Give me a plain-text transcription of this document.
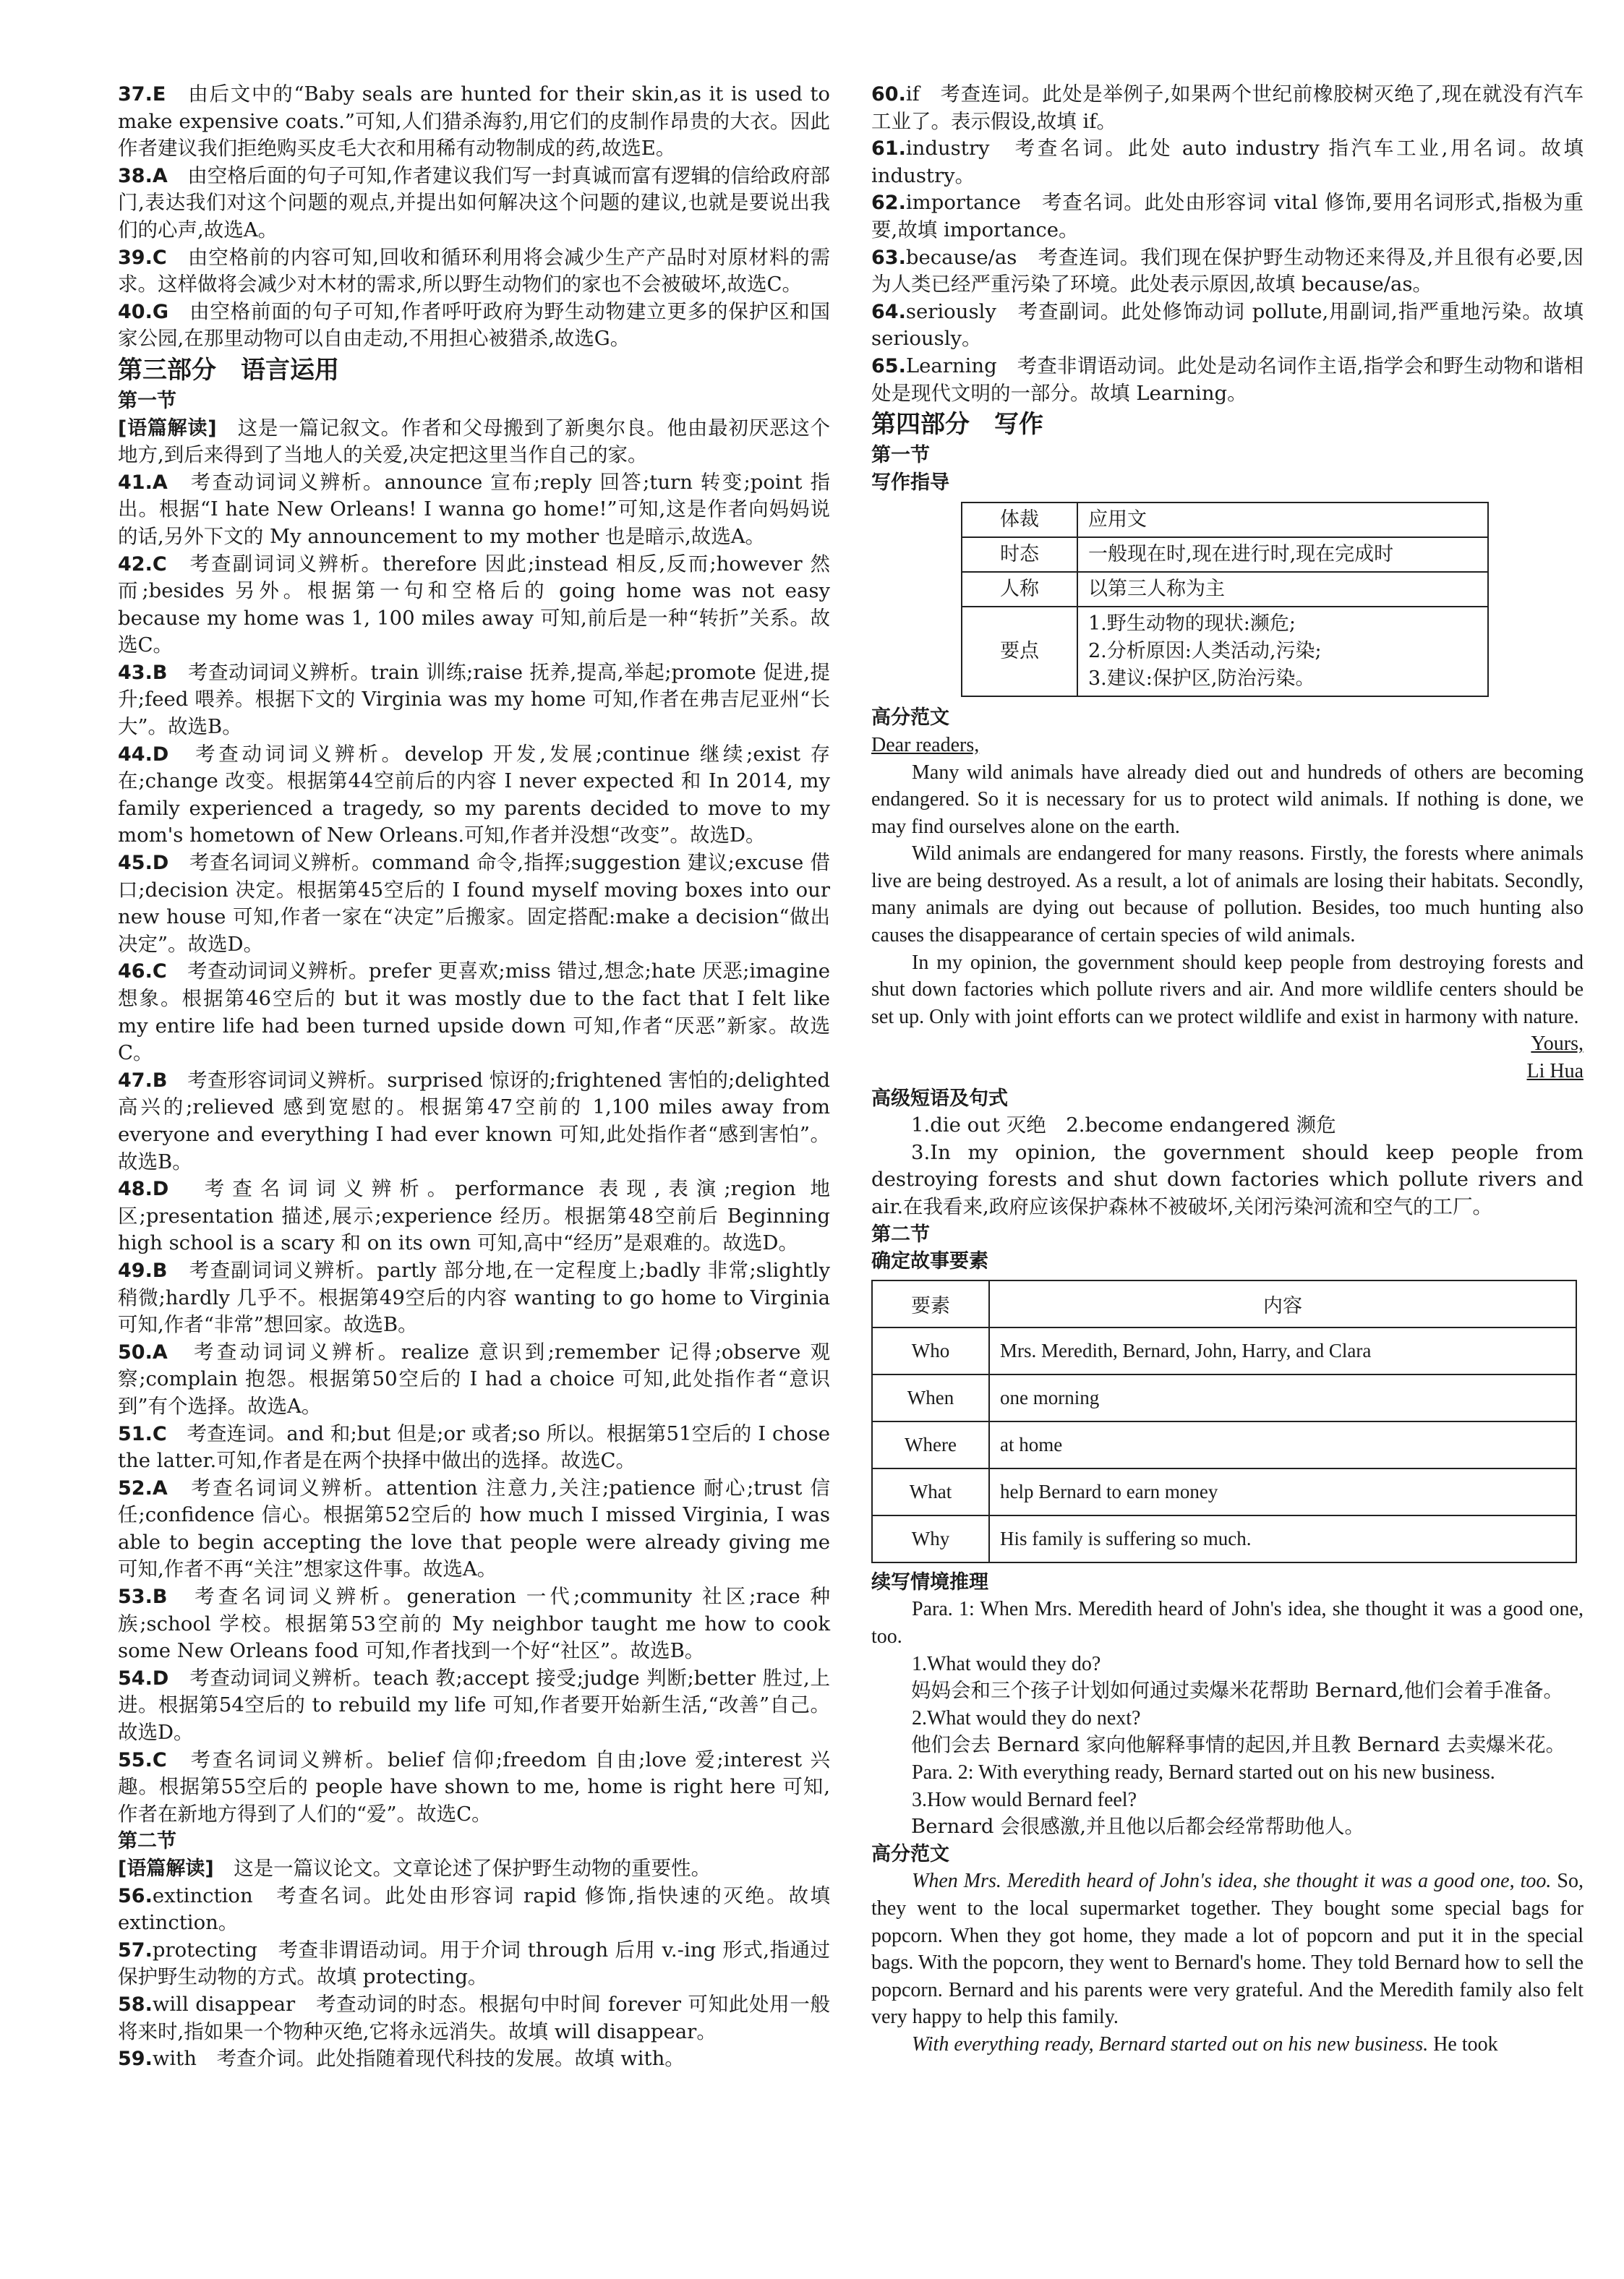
37.E　 由后文中的“Baby seals are hunted for their skin,as it is used to make expensive coats.”可知,人们猎杀海豹,用它们的皮制作昂贵的大衣。因此作者建议我们拒绝购买皮毛大衣和用稀有动物制成的药,故选E。

38.A　 由空格后面的句子可知,作者建议我们写一封真诚而富有逻辑的信给政府部门,表达我们对这个问题的观点,并提出如何解决这个问题的建议,也就是要说出我们的心声,故选A。

39.C　 由空格前的内容可知,回收和循环利用将会减少生产产品时对原材料的需求。这样做将会减少对木材的需求,所以野生动物们的家也不会被破坏,故选C。

40.G　 由空格前面的句子可知,作者呼吁政府为野生动物建立更多的保护区和国家公园,在那里动物可以自由走动,不用担心被猎杀,故选G。

第三部分　语言运用

第一节

[语篇解读]　 这是一篇记叙文。作者和父母搬到了新奥尔良。他由最初厌恶这个地方,到后来得到了当地人的关爱,决定把这里当作自己的家。

41.A　 考查动词词义辨析。announce 宣布;reply 回答;turn 转变;point 指出。根据“I hate New Orleans! I wanna go home!”可知,这是作者向妈妈说的话,另外下文的 My announcement to my mother 也是暗示,故选A。

42.C　 考查副词词义辨析。therefore 因此;instead 相反,反而;however 然而;besides 另外。根据第一句和空格后的 going home was not easy because my home was 1, 100 miles away 可知,前后是一种“转折”关系。故选C。

43.B　 考查动词词义辨析。train 训练;raise 抚养,提高,举起;promote 促进,提升;feed 喂养。根据下文的 Virginia was my home 可知,作者在弗吉尼亚州“长大”。故选B。

44.D　 考查动词词义辨析。develop 开发,发展;continue 继续;exist 存在;change 改变。根据第44空前后的内容 I never expected 和 In 2014, my family experienced a tragedy, so my parents decided to move to my mom's hometown of New Orleans.可知,作者并没想“改变”。故选D。

45.D　 考查名词词义辨析。command 命令,指挥;suggestion 建议;excuse 借口;decision 决定。根据第45空后的 I found myself moving boxes into our new house 可知,作者一家在“决定”后搬家。固定搭配:make a decision“做出决定”。故选D。

46.C　 考查动词词义辨析。prefer 更喜欢;miss 错过,想念;hate 厌恶;imagine 想象。根据第46空后的 but it was mostly due to the fact that I felt like my entire life had been turned upside down 可知,作者“厌恶”新家。故选C。

47.B　 考查形容词词义辨析。surprised 惊讶的;frightened 害怕的;delighted 高兴的;relieved 感到宽慰的。根据第47空前的 1,100 miles away from everyone and everything I had ever known 可知,此处指作者“感到害怕”。故选B。

48.D　 考查名词词义辨析。performance 表现,表演;region 地区;presentation 描述,展示;experience 经历。根据第48空前后 Beginning high school is a scary 和 on its own 可知,高中“经历”是艰难的。故选D。

49.B　 考查副词词义辨析。partly 部分地,在一定程度上;badly 非常;slightly 稍微;hardly 几乎不。根据第49空后的内容 wanting to go home to Virginia 可知,作者“非常”想回家。故选B。

50.A　 考查动词词义辨析。realize 意识到;remember 记得;observe 观察;complain 抱怨。根据第50空后的 I had a choice 可知,此处指作者“意识到”有个选择。故选A。

51.C　 考查连词。and 和;but 但是;or 或者;so 所以。根据第51空后的 I chose the latter.可知,作者是在两个抉择中做出的选择。故选C。

52.A　 考查名词词义辨析。attention 注意力,关注;patience 耐心;trust 信任;confidence 信心。根据第52空后的 how much I missed Virginia, I was able to begin accepting the love that people were already giving me 可知,作者不再“关注”想家这件事。故选A。

53.B　 考查名词词义辨析。generation 一代;community 社区;race 种族;school 学校。根据第53空前的 My neighbor taught me how to cook some New Orleans food 可知,作者找到一个好“社区”。故选B。

54.D　 考查动词词义辨析。teach 教;accept 接受;judge 判断;better 胜过,上进。根据第54空后的 to rebuild my life 可知,作者要开始新生活,“改善”自己。故选D。

55.C　 考查名词词义辨析。belief 信仰;freedom 自由;love 爱;interest 兴趣。根据第55空后的 people have shown to me, home is right here 可知,作者在新地方得到了人们的“爱”。故选C。

第二节

[语篇解读]　 这是一篇议论文。文章论述了保护野生动物的重要性。

56.extinction　 考查名词。此处由形容词 rapid 修饰,指快速的灭绝。故填 extinction。

57.protecting　 考查非谓语动词。用于介词 through 后用 v.-ing 形式,指通过保护野生动物的方式。故填 protecting。

58.will disappear　 考查动词的时态。根据句中时间 forever 可知此处用一般将来时,指如果一个物种灭绝,它将永远消失。故填 will disappear。

59.with　 考查介词。此处指随着现代科技的发展。故填 with。

60.if　 考查连词。此处是举例子,如果两个世纪前橡胶树灭绝了,现在就没有汽车工业了。表示假设,故填 if。

61.industry　 考查名词。此处 auto industry 指汽车工业,用名词。故填 industry。

62.importance　 考查名词。此处由形容词 vital 修饰,要用名词形式,指极为重要,故填 importance。

63.because/as　 考查连词。我们现在保护野生动物还来得及,并且很有必要,因为人类已经严重污染了环境。此处表示原因,故填 because/as。

64.seriously　 考查副词。此处修饰动词 pollute,用副词,指严重地污染。故填 seriously。

65.Learning　 考查非谓语动词。此处是动名词作主语,指学会和野生动物和谐相处是现代文明的一部分。故填 Learning。

第四部分　写作

第一节

写作指导

体裁	应用文
时态	一般现在时,现在进行时,现在完成时
人称	以第三人称为主
要点	1.野生动物的现状:濒危;
2.分析原因:人类活动,污染;
3.建议:保护区,防治污染。

高分范文

Dear readers,

Many wild animals have already died out and hundreds of others are becoming endangered. So it is necessary for us to protect wild animals. If nothing is done, we may find ourselves alone on the earth.

Wild animals are endangered for many reasons. Firstly, the forests where animals live are being destroyed. As a result, a lot of animals are losing their habitats. Secondly, many animals are dying out because of pollution. Besides, too much hunting also causes the disappearance of certain species of wild animals.

In my opinion, the government should keep people from destroying forests and shut down factories which pollute rivers and air. And more wildlife centers should be set up. Only with joint efforts can we protect wildlife and exist in harmony with nature.

Yours,

Li Hua

高级短语及句式

1.die out 灭绝　2.become endangered 濒危

3.In my opinion, the government should keep people from destroying forests and shut down factories which pollute rivers and air.在我看来,政府应该保护森林不被破坏,关闭污染河流和空气的工厂。

第二节

确定故事要素

要素	内容
Who	Mrs. Meredith, Bernard, John, Harry, and Clara
When	one morning
Where	at home
What	help Bernard to earn money
Why	His family is suffering so much.

续写情境推理

Para. 1: When Mrs. Meredith heard of John's idea, she thought it was a good one, too.

1.What would they do?

妈妈会和三个孩子计划如何通过卖爆米花帮助 Bernard,他们会着手准备。

2.What would they do next?

他们会去 Bernard 家向他解释事情的起因,并且教 Bernard 去卖爆米花。

Para. 2: With everything ready, Bernard started out on his new business.

3.How would Bernard feel?

Bernard 会很感激,并且他以后都会经常帮助他人。

高分范文

When Mrs. Meredith heard of John's idea, she thought it was a good one, too. So, they went to the local supermarket together. They bought some special bags for popcorn. When they got home, they made a lot of popcorn and put it in the special bags. With the popcorn, they went to Bernard's home. They told Bernard how to sell the popcorn. Bernard and his parents were very grateful. And the Meredith family also felt very happy to help this family.

With everything ready, Bernard started out on his new business. He took
